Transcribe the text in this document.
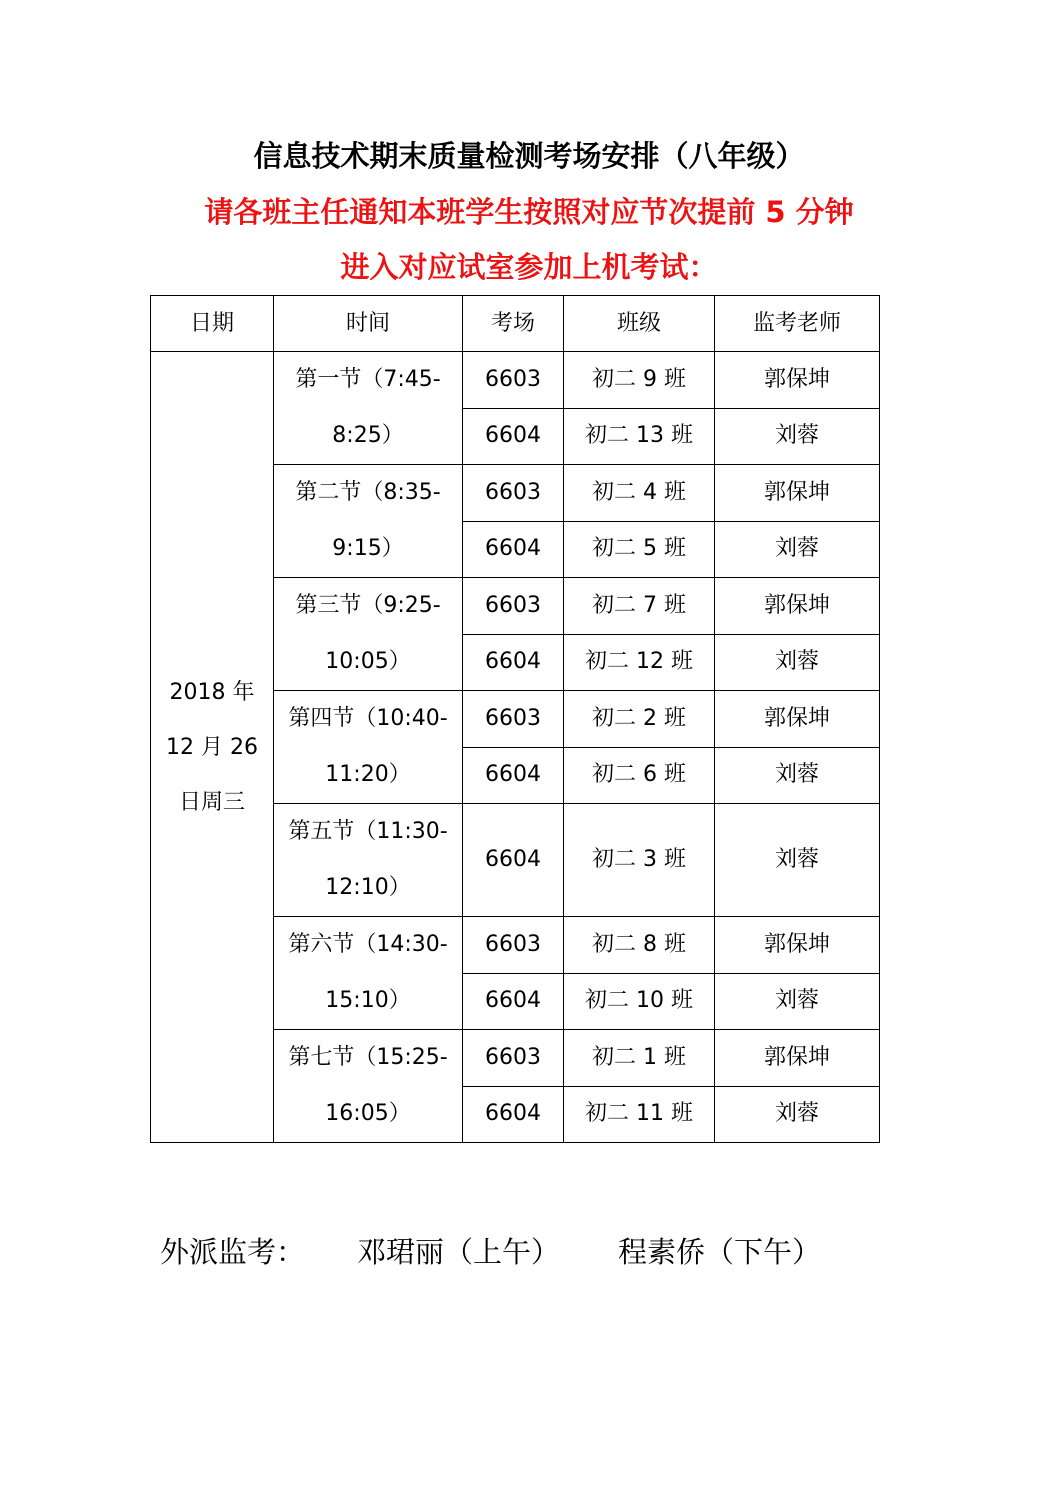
信息技术期末质量检测考场安排（八年级）
请各班主任通知本班学生按照对应节次提前 5 分钟
进入对应试室参加上机考试：
日期	时间	考场	班级	监考老师

2018 年
12 月 26
日周三	第一节（7:45-
8:25）	6603	初二 9 班	郭保坤
		6604	初二 13 班	刘蓉

	第二节（8:35-
9:15）	6603	初二 4 班	郭保坤
		6604	初二 5 班	刘蓉

	第三节（9:25-
10:05）	6603	初二 7 班	郭保坤
		6604	初二 12 班	刘蓉

	第四节（10:40-
11:20）	6603	初二 2 班	郭保坤
		6604	初二 6 班	刘蓉

	第五节（11:30-
12:10）	6604	初二 3 班	刘蓉

	第六节（14:30-
15:10）	6603	初二 8 班	郭保坤
		6604	初二 10 班	刘蓉

	第七节（15:25-
16:05）	6603	初二 1 班	郭保坤
		6604	初二 11 班	刘蓉
外派监考： 邓珺丽（上午） 程素侨（下午）
